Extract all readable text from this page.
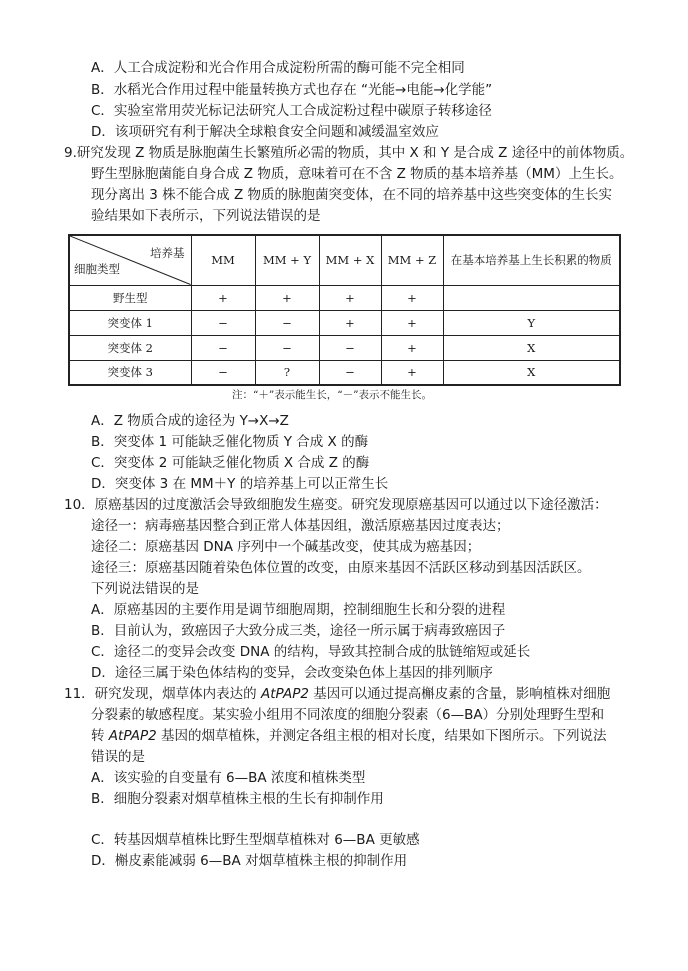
A．人工合成淀粉和光合作用合成淀粉所需的酶可能不完全相同
B．水稻光合作用过程中能量转换方式也存在 “光能→电能→化学能”
C．实验室常用荧光标记法研究人工合成淀粉过程中碳原子转移途径
D．该项研究有利于解决全球粮食安全问题和减缓温室效应
9.研究发现 Z 物质是脉胞菌生长繁殖所必需的物质，其中 X 和 Y 是合成 Z 途径中的前体物质。
野生型脉胞菌能自身合成 Z 物质，意味着可在不含 Z 物质的基本培养基（MM）上生长。
现分离出 3 株不能合成 Z 物质的脉胞菌突变体，在不同的培养基中这些突变体的生长实
验结果如下表所示，下列说法错误的是
培养基
细胞类型	MM	MM + Y	MM + X	MM + Z	在基本培养基上生长积累的物质
野生型	+	+	+	+	
突变体 1	−	−	+	+	Y
突变体 2	−	−	−	+	X
突变体 3	−	?	−	+	X
注：“＋”表示能生长，“－”表示不能生长。
A．Z 物质合成的途径为 Y→X→Z
B．突变体 1 可能缺乏催化物质 Y 合成 X 的酶
C．突变体 2 可能缺乏催化物质 X 合成 Z 的酶
D．突变体 3 在 MM＋Y 的培养基上可以正常生长
10．原癌基因的过度激活会导致细胞发生癌变。研究发现原癌基因可以通过以下途径激活：
途径一：病毒癌基因整合到正常人体基因组，激活原癌基因过度表达；
途径二：原癌基因 DNA 序列中一个碱基改变，使其成为癌基因；
途径三：原癌基因随着染色体位置的改变，由原来基因不活跃区移动到基因活跃区。
下列说法错误的是
A．原癌基因的主要作用是调节细胞周期，控制细胞生长和分裂的进程
B．目前认为，致癌因子大致分成三类，途径一所示属于病毒致癌因子
C．途径二的变异会改变 DNA 的结构，导致其控制合成的肽链缩短或延长
D．途径三属于染色体结构的变异，会改变染色体上基因的排列顺序
11．研究发现，烟草体内表达的 AtPAP2 基因可以通过提高槲皮素的含量，影响植株对细胞
分裂素的敏感程度。某实验小组用不同浓度的细胞分裂素（6—BA）分别处理野生型和
转 AtPAP2 基因的烟草植株，并测定各组主根的相对长度，结果如下图所示。下列说法
错误的是
A．该实验的自变量有 6—BA 浓度和植株类型
B．细胞分裂素对烟草植株主根的生长有抑制作用
C．转基因烟草植株比野生型烟草植株对 6—BA 更敏感
D．槲皮素能减弱 6—BA 对烟草植株主根的抑制作用
